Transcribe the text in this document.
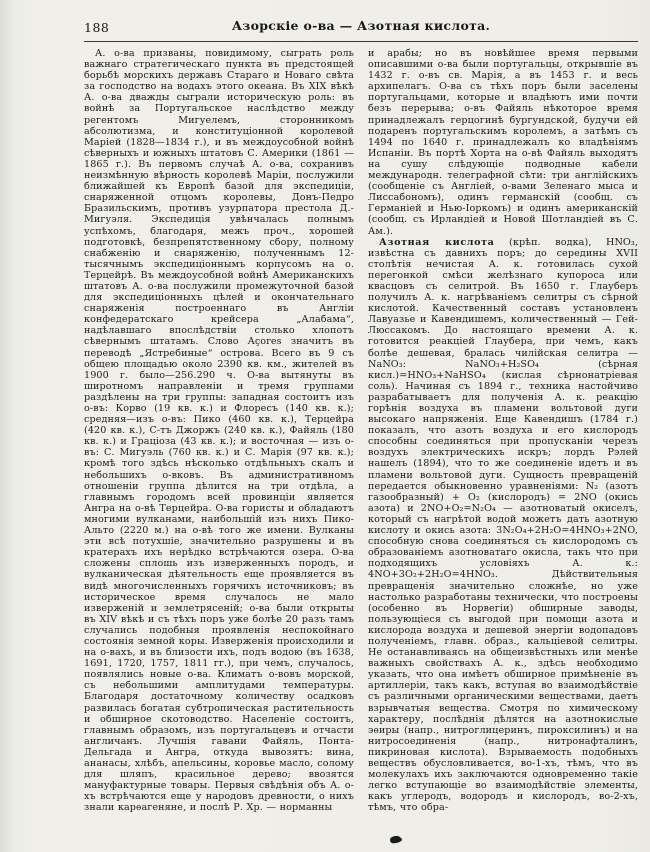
188	Азорскіе о-ва — Азотная кислота.

А. о-ва призваны, повидимому, сыграть роль важнаго стратегическаго пункта въ предстоящей борьбѣ морскихъ державъ Стараго и Новаго свѣта за господство на водахъ этого океана. Въ XIX вѣкѣ А. о-ва дважды сыграли историческую роль: въ войнѣ за Португальское наслѣдство между регентомъ Мигуелемъ, сторонникомъ абсолютизма, и конституціонной королевой Маріей (1828—1834 г.), и въ междоусобной войнѣ сѣверныхъ и южныхъ штатовъ С. Америки (1861 — 1865 г.). Въ первомъ случаѣ А. о-ва, сохранивъ неизмѣнную вѣрность королевѣ Маріи, послужили ближайшей къ Европѣ базой для экспедиціи, снаряженной отцомъ королевы, Донъ-Педро Бразильскимъ, противъ узурпатора престола Д.-Мигуэля. Экспедиція увѣнчалась полнымъ успѣхомъ, благодаря, межъ проч., хорошей подготовкѣ, безпрепятственному сбору, полному снабженію и снаряженію, полученнымъ 12-тысячнымъ экспедиціоннымъ корпусомъ на о. Терцейрѣ. Въ междоусобной войнѣ Американскихъ штатовъ А. о-ва послужили промежуточной базой для экспедиціонныхъ цѣлей и окончательнаго снаряженія построеннаго въ Англіи конфедератскаго крейсера „Алабама“, надѣлавшаго впослѣдствіи столько хлопотъ сѣвернымъ штатамъ. Слово Açores значитъ въ переводѣ „Ястребиные“ острова. Всего въ 9 съ общею площадью около 2390 кв. км., жителей въ 1900 г. было—256.290 ч. О-ва вытянуты въ широтномъ направленіи и тремя группами раздѣлены на три группы: западная состоитъ изъ о-въ: Корво (19 кв. к.) и Флоресъ (140 кв. к.); средняя—изъ о-въ: Пико (460 кв. к.), Терцейра (420 кв. к.), С-тъ Джоржъ (240 кв. к.), Файяль (180 кв. к.) и Граціоза (43 кв. к.); и восточная — изъ о-въ: С. Мигуэль (760 кв. к.) и С. Марія (97 кв. к.); кромѣ того здѣсь нѣсколько отдѣльныхъ скалъ и небольшихъ о-вковъ. Въ административномъ отношеніи группа дѣлится на три отдѣла, а главнымъ городомъ всей провинціи является Ангра на о-вѣ Терцейра. О-ва гористы и обладаютъ многими вулканами, наибольшій изъ нихъ Пико-Альто (2220 м.) на о-вѣ того же имени. Вулканы эти всѣ потухшіе, значительно разрушены и въ кратерахъ ихъ нерѣдко встрѣчаются озера. О-ва сложены сплошь изъ изверженныхъ породъ, и вулканическая дѣятельность еще проявляется въ видѣ многочисленныхъ горячихъ источниковъ; въ историческое время случалось не мало изверженій и землетрясеній; о-ва были открыты въ XIV вѣкѣ и съ тѣхъ поръ уже болѣе 20 разъ тамъ случались подобныя проявленія неспокойнаго состоянія земной коры. Изверженія происходили и на о-вахъ, и въ близости ихъ, подъ водою (въ 1638, 1691, 1720, 1757, 1811 гг.), при чемъ, случалось, появлялись новые о-ва. Климатъ о-вовъ морской, съ небольшими амплитудами температуры. Благодаря достаточному количеству осадковъ развилась богатая субтропическая растительность и обширное скотоводство. Населеніе состоитъ, главнымъ образомъ, изъ португальцевъ и отчасти англичанъ. Лучшія гавани Файяль, Понта-Дельгада и Ангра, откуда вывозятъ: вина, ананасы, хлѣбъ, апельсины, коровье масло, солому для шляпъ, красильное дерево; ввозятся мануфактурные товары. Первыя свѣдѣнія объ А. о-хъ встрѣчаются еще у народовъ древности, о нихъ знали карѳагеняне, и послѣ Р. Хр. — норманны

и арабы; но въ новѣйшее время первыми описавшими о-ва были португальцы, открывшіе въ 1432 г. о-въ св. Марія, а въ 1453 г. и весь архипелагъ. О-ва съ тѣхъ поръ были заселены португальцами, которые и владѣютъ ими почти безъ перерыва; о-въ Файяль нѣкоторое время принадлежалъ герцогинѣ бургундской, будучи ей подаренъ португальскимъ королемъ, а затѣмъ съ 1494 по 1640 г. принадлежалъ ко владѣніямъ Испаніи. Въ портѣ Хорта на о-вѣ Файяль выходятъ на сушу слѣдующіе подводные кабели международн. телеграфной сѣти: три англійскихъ (сообщеніе съ Англіей, о-вами Зеленаго мыса и Лиссабономъ), одинъ германскій (сообщ. съ Германіей и Нью-Іоркомъ) и одинъ американскій (сообщ. съ Ирландіей и Новой Шотландіей въ С. Ам.).

Азотная кислота (крѣп. водка), HNO₃, извѣстна съ давнихъ поръ; до середины XVII столѣтія нечистая А. к. готовилась сухой перегонкой смѣси желѣзнаго купороса или квасцовъ съ селитрой. Въ 1650 г. Глауберъ получилъ А. к. нагрѣваніемъ селитры съ сѣрной кислотой. Качественный составъ установленъ Лавуазье и Кавендишемъ, количественный — Гей-Люссакомъ. До настоящаго времени А. к. готовится реакціей Глаубера, при чемъ, какъ болѣе дешевая, бралась чилійская селитра — NaNO₃: NaNO₃+H₂SO₄ (сѣрная кисл.)=HNO₃+NaHSO₄ (кислая сѣрнонатріевая соль). Начиная съ 1894 г., техника настойчиво разрабатываетъ для полученія А. к. реакцію горѣнія воздуха въ пламени вольтовой дуги высокаго напряженія. Еще Кавендишъ (1784 г.) показалъ, что азотъ воздуха и его кислородъ способны соединяться при пропусканіи черезъ воздухъ электрическихъ искръ; лордъ Рэлей нашелъ (1894), что то же соединеніе идетъ и въ пламени вольтовой дуги. Сущность превращеній передается обыкновенно уравненіями: N₂ (азотъ газообразный) + O₂ (кислородъ) = 2NO (окись азота) и 2NO+O₂=N₂O₄ — азотноватый окиселъ, который съ нагрѣтой водой можетъ дать азотную кислоту и окись азота: 3N₂O₄+2H₂O=4HNO₃+2NO, способную снова соединяться съ кислородомъ съ образованіемъ азотноватаго окисла, такъ что при подходящихъ условіяхъ А. к.: 4NO+3O₂+2H₂O=4HNO₃. Дѣйствительныя превращенія значительно сложнѣе, но уже настолько разработаны технически, что построены (особенно въ Норвегіи) обширные заводы, пользующіеся съ выгодой при помощи азота и кислорода воздуха и дешевой энергіи водопадовъ полученіемъ, главн. образ., кальціевой селитры. Не останавливаясь на общеизвѣстныхъ или менѣе важныхъ свойствахъ А. к., здѣсь необходимо указать, что она имѣетъ обширное примѣненіе въ артиллеріи, такъ какъ, вступая во взаимодѣйствіе съ различными органическими веществами, даетъ взрывчатыя вещества. Смотря по химическому характеру, послѣднія дѣлятся на азотнокислые эѳиры (напр., нитроглицеринъ, пироксилинъ) и на нитросоединенія (напр., нитронафталинъ, пикриновая кислота). Взрываемость подобныхъ веществъ обусловливается, во-1-хъ, тѣмъ, что въ молекулахъ ихъ заключаются одновременно такіе легко вступающіе во взаимодѣйствіе элементы, какъ углеродъ, водородъ и кислородъ, во-2-хъ, тѣмъ, что обра-
